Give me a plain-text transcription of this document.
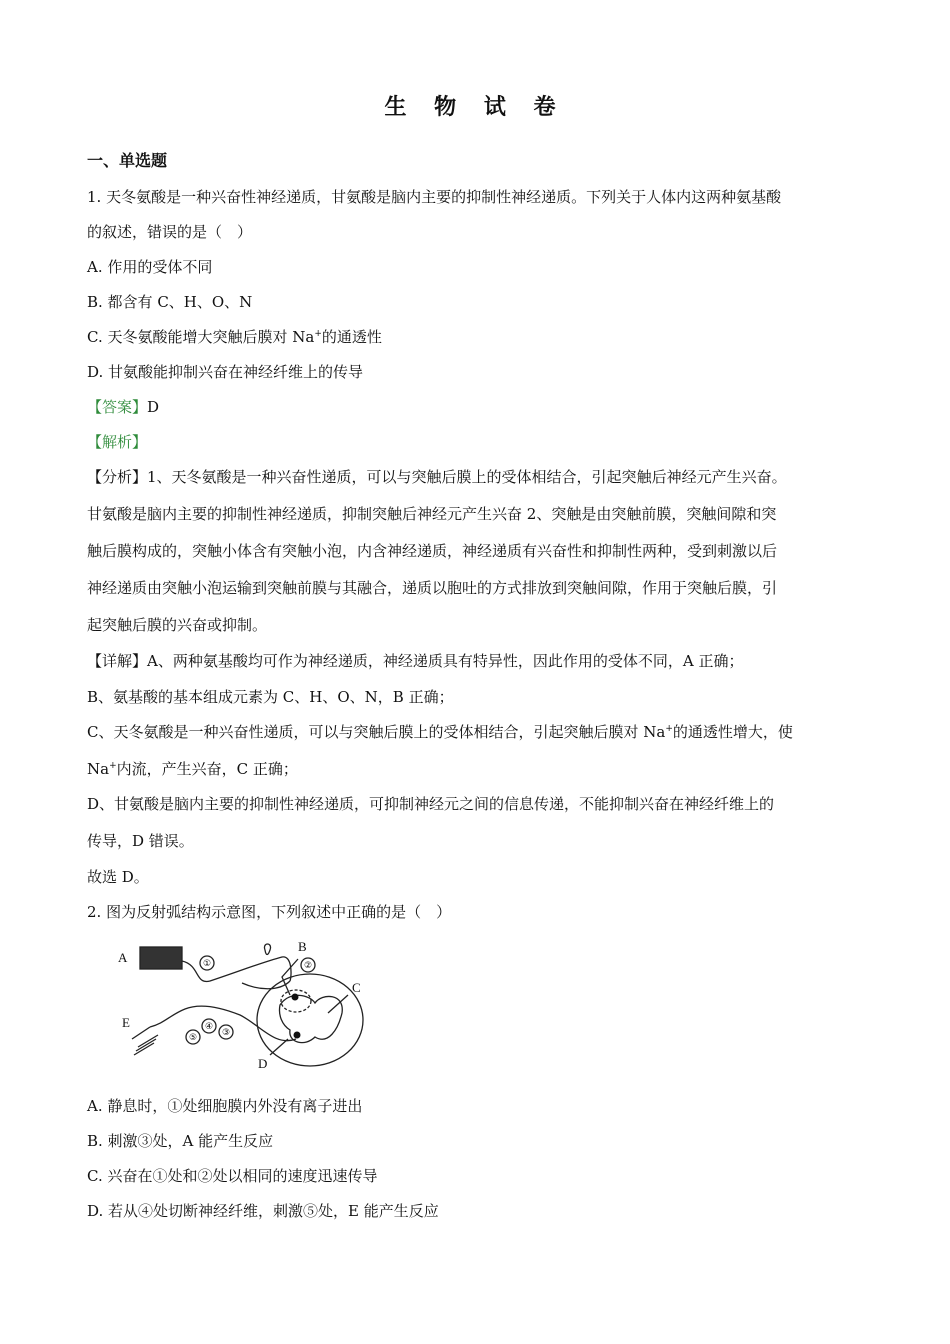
生 物 试 卷
一、单选题
1. 天冬氨酸是一种兴奋性神经递质，甘氨酸是脑内主要的抑制性神经递质。下列关于人体内这两种氨基酸
的叙述，错误的是（　）
A. 作用的受体不同
B. 都含有 C、H、O、N
C. 天冬氨酸能增大突触后膜对 Na+的通透性
D. 甘氨酸能抑制兴奋在神经纤维上的传导
【答案】D
【解析】
【分析】1、天冬氨酸是一种兴奋性递质，可以与突触后膜上的受体相结合，引起突触后神经元产生兴奋。
甘氨酸是脑内主要的抑制性神经递质，抑制突触后神经元产生兴奋 2、突触是由突触前膜，突触间隙和突
触后膜构成的，突触小体含有突触小泡，内含神经递质，神经递质有兴奋性和抑制性两种，受到刺激以后
神经递质由突触小泡运输到突触前膜与其融合，递质以胞吐的方式排放到突触间隙，作用于突触后膜，引
起突触后膜的兴奋或抑制。
【详解】A、两种氨基酸均可作为神经递质，神经递质具有特异性，因此作用的受体不同，A 正确；
B、氨基酸的基本组成元素为 C、H、O、N，B 正确；
C、天冬氨酸是一种兴奋性递质，可以与突触后膜上的受体相结合，引起突触后膜对 Na+的通透性增大，使
Na+内流，产生兴奋，C 正确；
D、甘氨酸是脑内主要的抑制性神经递质，可抑制神经元之间的信息传递，不能抑制兴奋在神经纤维上的
传导，D 错误。
故选 D。
2. 图为反射弧结构示意图，下列叙述中正确的是（　）
A
B
C
D
E
①	②
③
④
⑤
A. 静息时，①处细胞膜内外没有离子进出
B. 刺激③处，A 能产生反应
C. 兴奋在①处和②处以相同的速度迅速传导
D. 若从④处切断神经纤维，刺激⑤处，E 能产生反应
